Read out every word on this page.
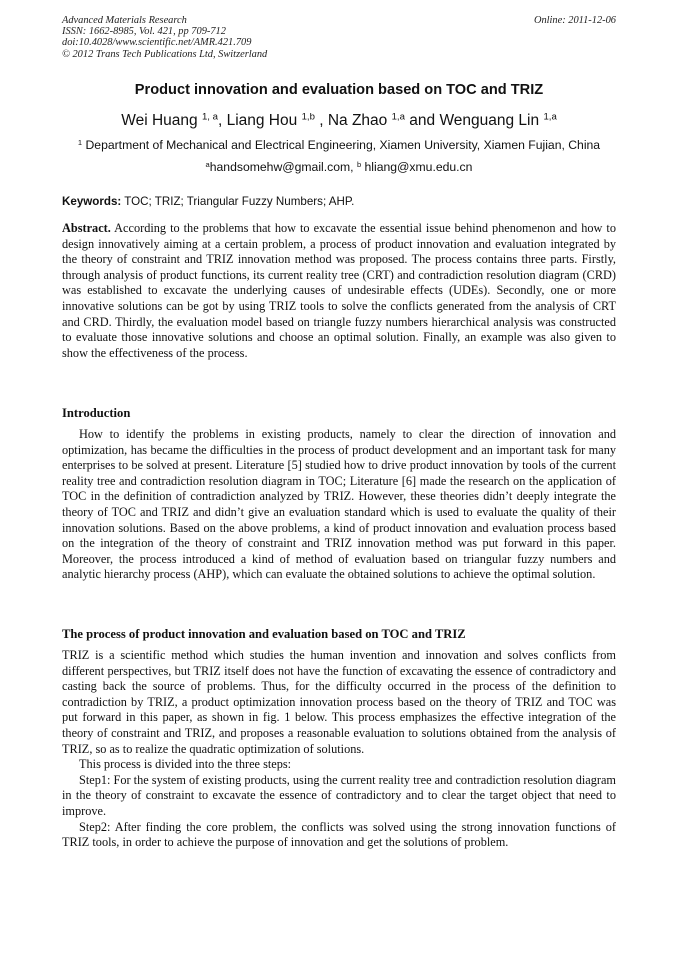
Advanced Materials Research
ISSN: 1662-8985, Vol. 421, pp 709-712
doi:10.4028/www.scientific.net/AMR.421.709
© 2012 Trans Tech Publications Ltd, Switzerland
Online: 2011-12-06
Product innovation and evaluation based on TOC and TRIZ
Wei Huang $^{1, a}$, Liang Hou $^{1,b}$ , Na Zhao $^{1,a}$ and Wenguang Lin $^{1,a}$
$^1$ Department of Mechanical and Electrical Engineering, Xiamen University, Xiamen Fujian, China
$^a$handsomehw@gmail.com, $^b$ hliang@xmu.edu.cn
Keywords: TOC; TRIZ; Triangular Fuzzy Numbers; AHP.

Abstract. According to the problems that how to excavate the essential issue behind phenomenon and how to design innovatively aiming at a certain problem, a process of product innovation and evaluation integrated by the theory of constraint and TRIZ innovation method was proposed. The process contains three parts. Firstly, through analysis of product functions, its current reality tree (CRT) and contradiction resolution diagram (CRD) was established to excavate the underlying causes of undesirable effects (UDEs). Secondly, one or more innovative solutions can be got by using TRIZ tools to solve the conflicts generated from the analysis of CRT and CRD. Thirdly, the evaluation model based on triangle fuzzy numbers hierarchical analysis was constructed to evaluate those innovative solutions and choose an optimal solution. Finally, an example was also given to show the effectiveness of the process.

Introduction

How to identify the problems in existing products, namely to clear the direction of innovation and optimization, has became the difficulties in the process of product development and an important task for many enterprises to be solved at present. Literature [5] studied how to drive product innovation by tools of the current reality tree and contradiction resolution diagram in TOC; Literature [6] made the research on the application of TOC in the definition of contradiction analyzed by TRIZ. However, these theories didn’t deeply integrate the theory of TOC and TRIZ and didn’t give an evaluation standard which is used to evaluate the quality of their innovation solutions. Based on the above problems, a kind of product innovation and evaluation process based on the integration of the theory of constraint and TRIZ innovation method was put forward in this paper. Moreover, the process introduced a kind of method of evaluation based on triangular fuzzy numbers and analytic hierarchy process (AHP), which can evaluate the obtained solutions to achieve the optimal solution.

The process of product innovation and evaluation based on TOC and TRIZ

TRIZ is a scientific method which studies the human invention and innovation and solves conflicts from different perspectives, but TRIZ itself does not have the function of excavating the essence of contradictory and casting back the source of problems. Thus, for the difficulty occurred in the process of the definition to contradiction by TRIZ, a product optimization innovation process based on the theory of TRIZ and TOC was put forward in this paper, as shown in fig. 1 below. This process emphasizes the effective integration of the theory of constraint and TRIZ, and proposes a reasonable evaluation to solutions obtained from the analysis of TRIZ, so as to realize the quadratic optimization of solutions.

This process is divided into the three steps:

Step1: For the system of existing products, using the current reality tree and contradiction resolution diagram in the theory of constraint to excavate the essence of contradictory and to clear the target object that need to improve.

Step2: After finding the core problem, the conflicts was solved using the strong innovation functions of TRIZ tools, in order to achieve the purpose of innovation and get the solutions of problem.
